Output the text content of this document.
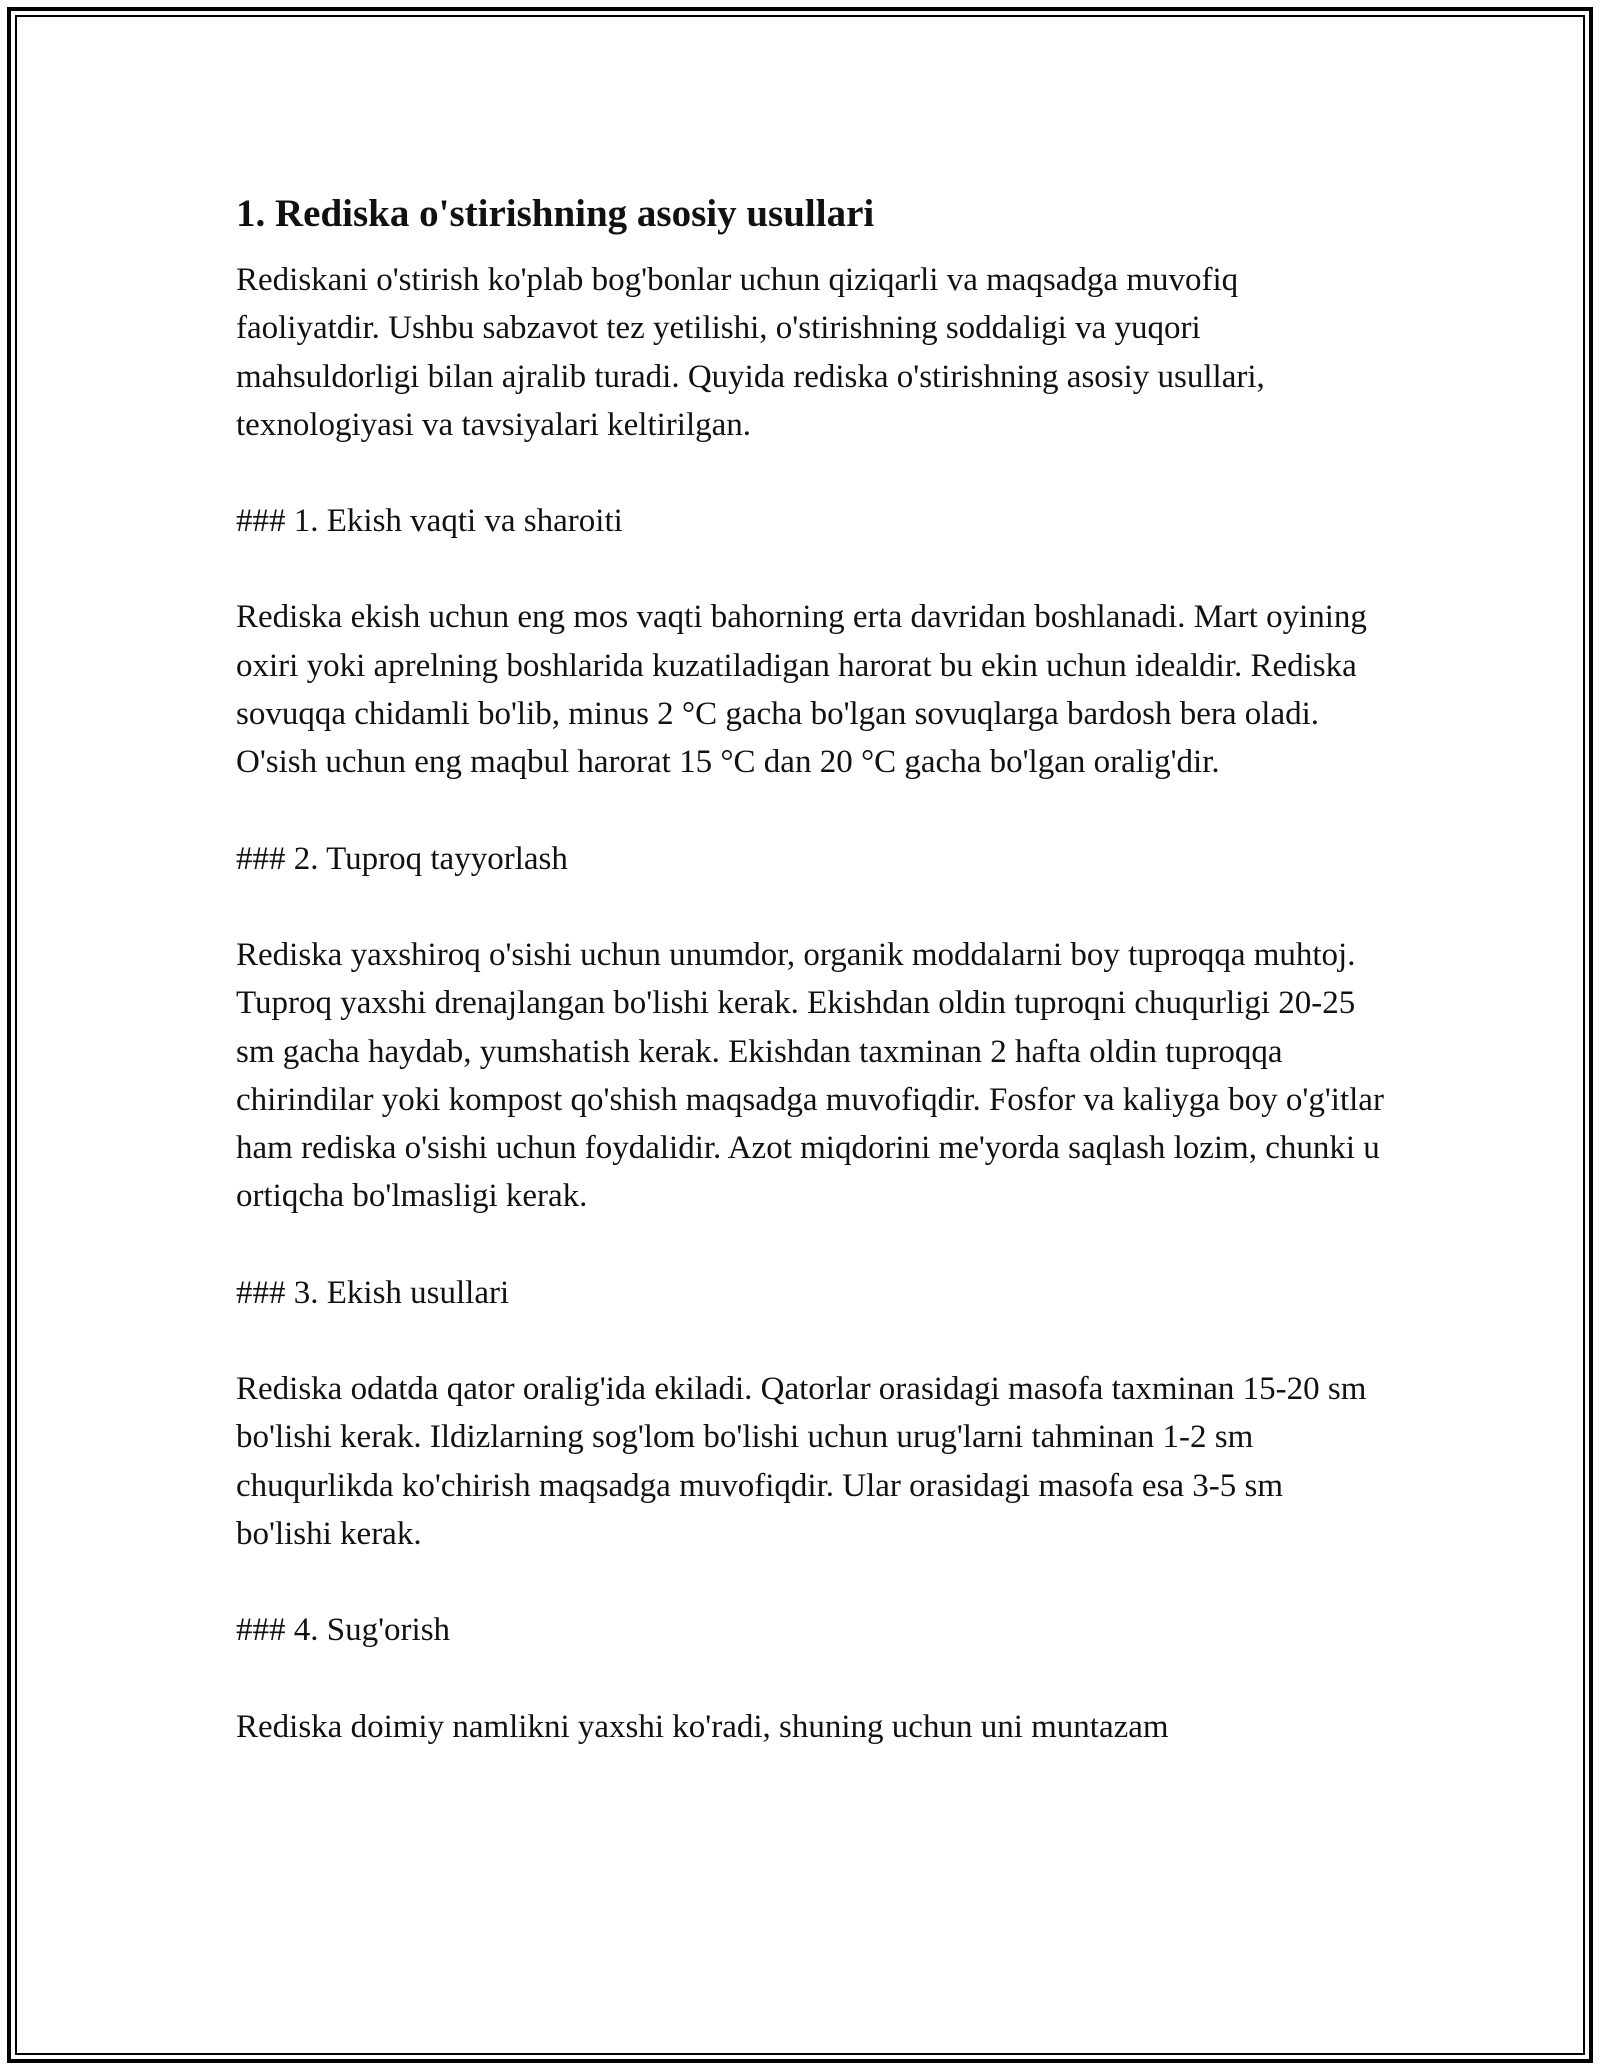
1. Rediska o'stirishning asosiy usullari

Rediskani o'stirish ko'plab bog'bonlar uchun qiziqarli va maqsadga muvofiq faoliyatdir. Ushbu sabzavot tez yetilishi, o'stirishning soddaligi va yuqori mahsuldorligi bilan ajralib turadi. Quyida rediska o'stirishning asosiy usullari, texnologiyasi va tavsiyalari keltirilgan.

### 1. Ekish vaqti va sharoiti

Rediska ekish uchun eng mos vaqti bahorning erta davridan boshlanadi. Mart oyining oxiri yoki aprelning boshlarida kuzatiladigan harorat bu ekin uchun idealdir. Rediska sovuqqa chidamli bo'lib, minus 2 °C gacha bo'lgan sovuqlarga bardosh bera oladi. O'sish uchun eng maqbul harorat 15 °C dan 20 °C gacha bo'lgan oralig'dir.

### 2. Tuproq tayyorlash

Rediska yaxshiroq o'sishi uchun unumdor, organik moddalarni boy tuproqqa muhtoj. Tuproq yaxshi drenajlangan bo'lishi kerak. Ekishdan oldin tuproqni chuqurligi 20-25 sm gacha haydab, yumshatish kerak. Ekishdan taxminan 2 hafta oldin tuproqqa chirindilar yoki kompost qo'shish maqsadga muvofiqdir. Fosfor va kaliyga boy o'g'itlar ham rediska o'sishi uchun foydalidir. Azot miqdorini me'yorda saqlash lozim, chunki u ortiqcha bo'lmasligi kerak.

### 3. Ekish usullari

Rediska odatda qator oralig'ida ekiladi. Qatorlar orasidagi masofa taxminan 15-20 sm bo'lishi kerak. Ildizlarning sog'lom bo'lishi uchun urug'larni tahminan 1-2 sm chuqurlikda ko'chirish maqsadga muvofiqdir. Ular orasidagi masofa esa 3-5 sm bo'lishi kerak.

### 4. Sug'orish

Rediska doimiy namlikni yaxshi ko'radi, shuning uchun uni muntazam
